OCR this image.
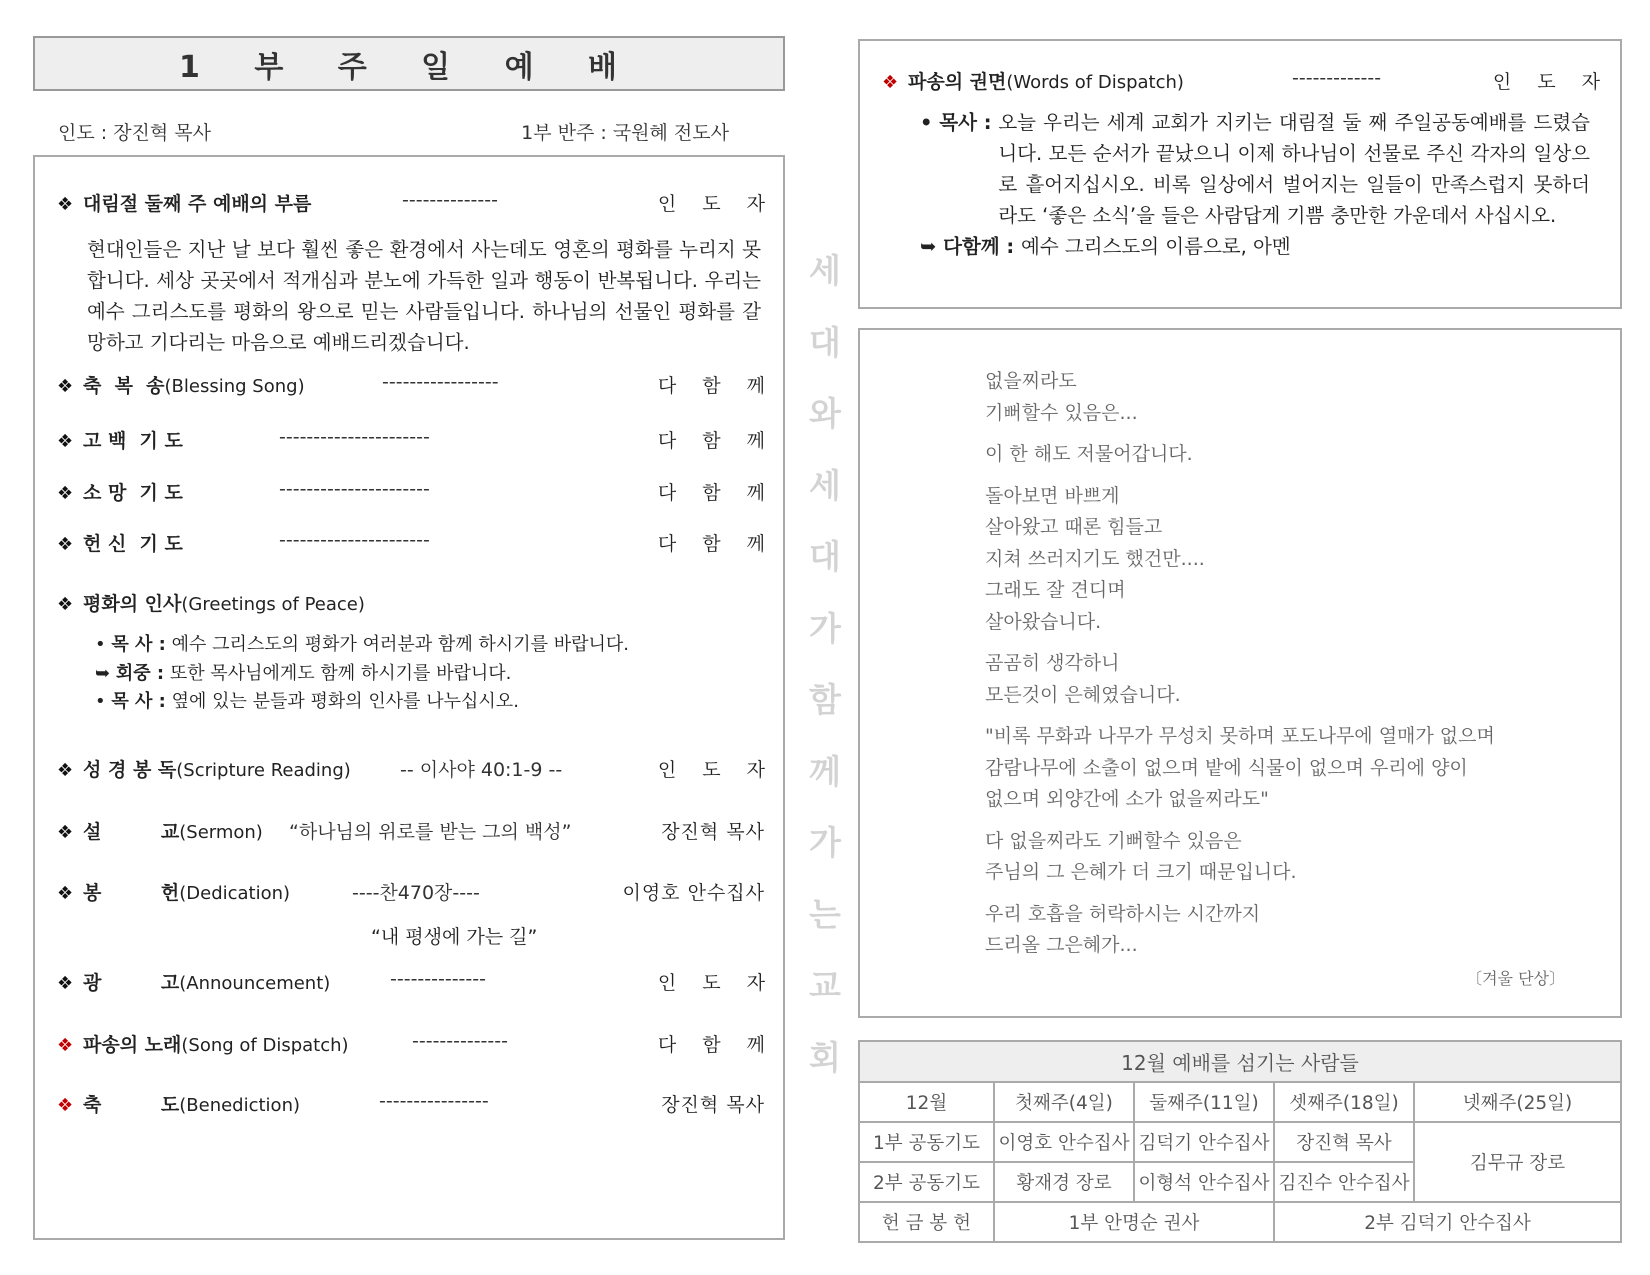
1 부 주 일 예 배
인도 : 장진혁 목사	1부 반주 : 국원혜 전도사
❖ 대림절 둘째 주 예배의 부름	--------------	인 도 자
현대인들은 지난 날 보다 훨씬 좋은 환경에서 사는데도 영혼의 평화를 누리지 못합니다. 세상 곳곳에서 적개심과 분노에 가득한 일과 행동이 반복됩니다. 우리는 예수 그리스도를 평화의 왕으로 믿는 사람들입니다. 하나님의 선물인 평화를 갈망하고 기다리는 마음으로 예배드리겠습니다.
❖ 축  복  송 (Blessing Song)	-----------------	다 함 께
❖ 고 백  기 도	----------------------	다 함 께
❖ 소 망  기 도	----------------------	다 함 께
❖ 헌 신  기 도	----------------------	다 함 께
❖ 평화의 인사 (Greetings of Peace)
• 목 사 : 예수 그리스도의 평화가 여러분과 함께 하시기를 바랍니다.
➥ 회중 : 또한 목사님에게도 함께 하시기를 바랍니다.
• 목 사 : 옆에 있는 분들과 평화의 인사를 나누십시오.
❖ 성 경 봉 독 (Scripture Reading)	-- 이사야 40:1-9 --	인 도 자
❖ 설         교 (Sermon) “하나님의 위로를 받는 그의 백성”	장진혁 목사
❖ 봉         헌 (Dedication)	----찬470장----	이영호 안수집사
“내 평생에 가는 길”
❖ 광         고 (Announcement)	--------------	인 도 자
❖ 파송의 노래 (Song of Dispatch)	--------------	다 함 께
❖ 축         도 (Benediction)	----------------	장진혁 목사
세
대
와
세
대
가
함
께
가
는
교
회
❖ 파송의 권면 (Words of Dispatch)	-------------	인 도 자
• 목사 : 오늘 우리는 세계 교회가 지키는 대림절 둘 째 주일공동예배를 드렸습니다. 모든 순서가 끝났으니 이제 하나님이 선물로 주신 각자의 일상으로 흩어지십시오. 비록 일상에서 벌어지는 일들이 만족스럽지 못하더라도 ‘좋은 소식’을 들은 사람답게 기쁨 충만한 가운데서 사십시오.
➥ 다함께 : 예수 그리스도의 이름으로, 아멘
없을찌라도
기뻐할수 있음은...
이 한 해도 저물어갑니다.
돌아보면 바쁘게
살아왔고 때론 힘들고
지쳐 쓰러지기도 했건만....
그래도 잘 견디며
살아왔습니다.
곰곰히 생각하니
모든것이 은혜였습니다.
"비록 무화과 나무가 무성치 못하며 포도나무에 열매가 없으며
감람나무에 소출이 없으며 밭에 식물이 없으며 우리에 양이
없으며 외양간에 소가 없을찌라도"
다 없을찌라도 기뻐할수 있음은
주님의 그 은혜가 더 크기 때문입니다.
우리 호흡을 허락하시는 시간까지
드리올 그은혜가...
〔겨울 단상〕
12월 예배를 섬기는 사람들				
12월	첫째주(4일)	둘째주(11일)	셋째주(18일)	넷째주(25일)
1부 공동기도	이영호 안수집사	김덕기 안수집사	장진혁 목사	김무규 장로
2부 공동기도	황재경 장로	이형석 안수집사	김진수 안수집사	
헌 금 봉 헌	1부 안명순 권사		2부 김덕기 안수집사	
